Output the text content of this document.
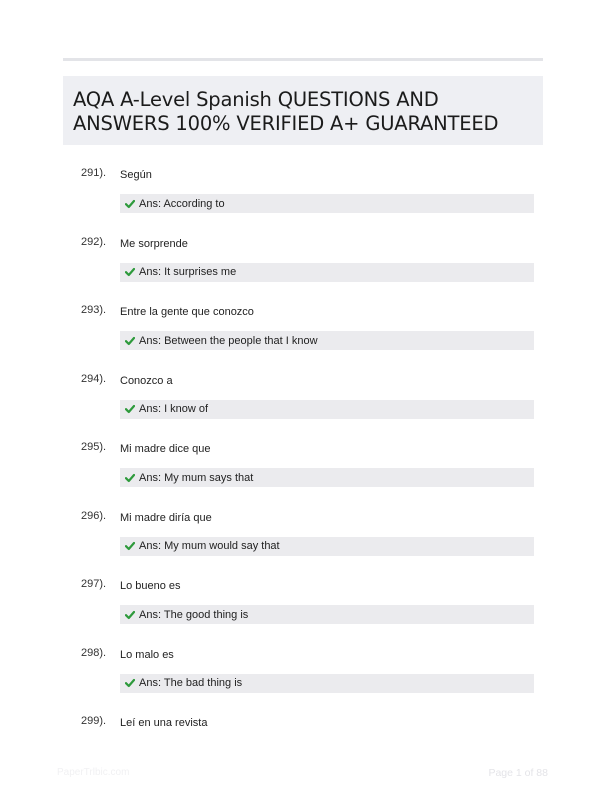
AQA A-Level Spanish QUESTIONS AND ANSWERS 100% VERIFIED A+ GUARANTEED
291). Según
Ans: According to
292). Me sorprende
Ans: It surprises me
293). Entre la gente que conozco
Ans: Between the people that I know
294). Conozco a
Ans: I know of
295). Mi madre dice que
Ans: My mum says that
296). Mi madre diría que
Ans: My mum would say that
297). Lo bueno es
Ans: The good thing is
298). Lo malo es
Ans: The bad thing is
299). Leí en una revista
PaperTrlbic.com	Page 1 of 88
